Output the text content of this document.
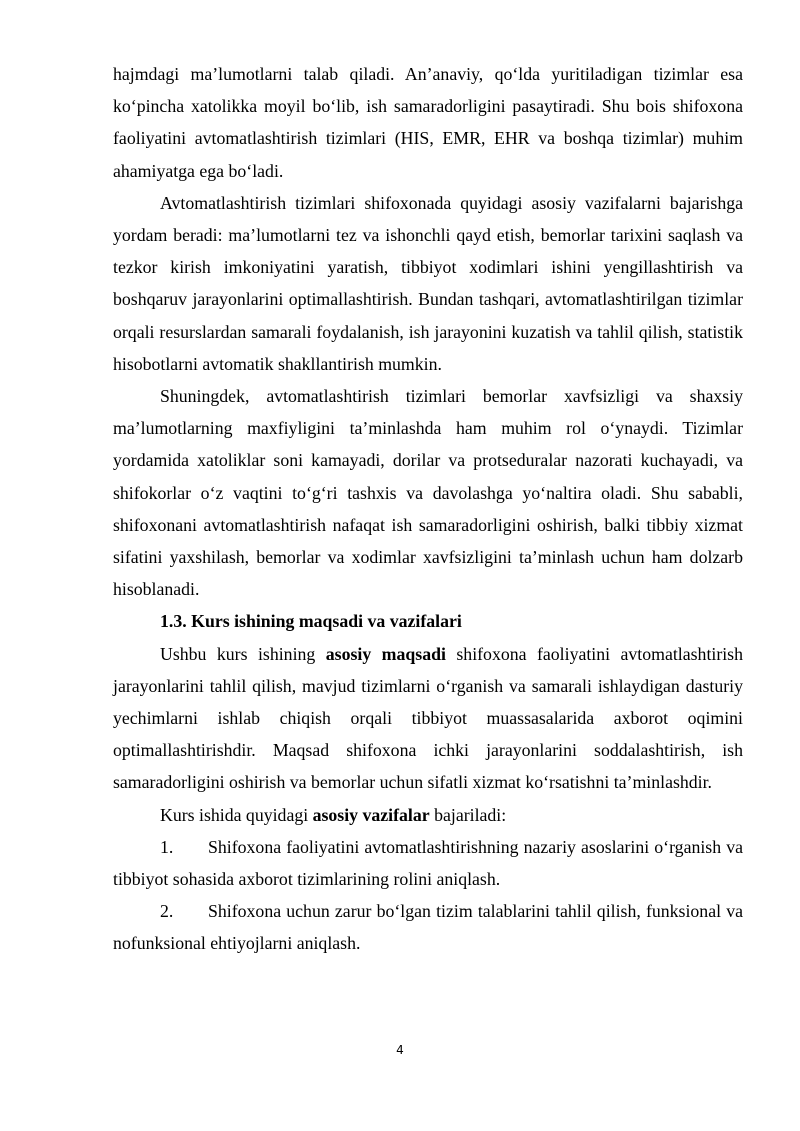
hajmdagi ma’lumotlarni talab qiladi. An’anaviy, qo‘lda yuritiladigan tizimlar esa ko‘pincha xatolikka moyil bo‘lib, ish samaradorligini pasaytiradi. Shu bois shifoxona faoliyatini avtomatlashtirish tizimlari (HIS, EMR, EHR va boshqa tizimlar) muhim ahamiyatga ega bo‘ladi.

Avtomatlashtirish tizimlari shifoxonada quyidagi asosiy vazifalarni bajarishga yordam beradi: ma’lumotlarni tez va ishonchli qayd etish, bemorlar tarixini saqlash va tezkor kirish imkoniyatini yaratish, tibbiyot xodimlari ishini yengillashtirish va boshqaruv jarayonlarini optimallashtirish. Bundan tashqari, avtomatlashtirilgan tizimlar orqali resurslardan samarali foydalanish, ish jarayonini kuzatish va tahlil qilish, statistik hisobotlarni avtomatik shakllantirish mumkin.

Shuningdek, avtomatlashtirish tizimlari bemorlar xavfsizligi va shaxsiy ma’lumotlarning maxfiyligini ta’minlashda ham muhim rol o‘ynaydi. Tizimlar yordamida xatoliklar soni kamayadi, dorilar va protseduralar nazorati kuchayadi, va shifokorlar o‘z vaqtini to‘g‘ri tashxis va davolashga yo‘naltira oladi. Shu sababli, shifoxonani avtomatlashtirish nafaqat ish samaradorligini oshirish, balki tibbiy xizmat sifatini yaxshilash, bemorlar va xodimlar xavfsizligini ta’minlash uchun ham dolzarb hisoblanadi.

1.3. Kurs ishining maqsadi va vazifalari

Ushbu kurs ishining asosiy maqsadi shifoxona faoliyatini avtomatlashtirish jarayonlarini tahlil qilish, mavjud tizimlarni o‘rganish va samarali ishlaydigan dasturiy yechimlarni ishlab chiqish orqali tibbiyot muassasalarida axborot oqimini optimallashtirishdir. Maqsad shifoxona ichki jarayonlarini soddalashtirish, ish samaradorligini oshirish va bemorlar uchun sifatli xizmat ko‘rsatishni ta’minlashdir.

Kurs ishida quyidagi asosiy vazifalar bajariladi:

1. Shifoxona faoliyatini avtomatlashtirishning nazariy asoslarini o‘rganish va tibbiyot sohasida axborot tizimlarining rolini aniqlash.

2. Shifoxona uchun zarur bo‘lgan tizim talablarini tahlil qilish, funksional va nofunksional ehtiyojlarni aniqlash.

4
